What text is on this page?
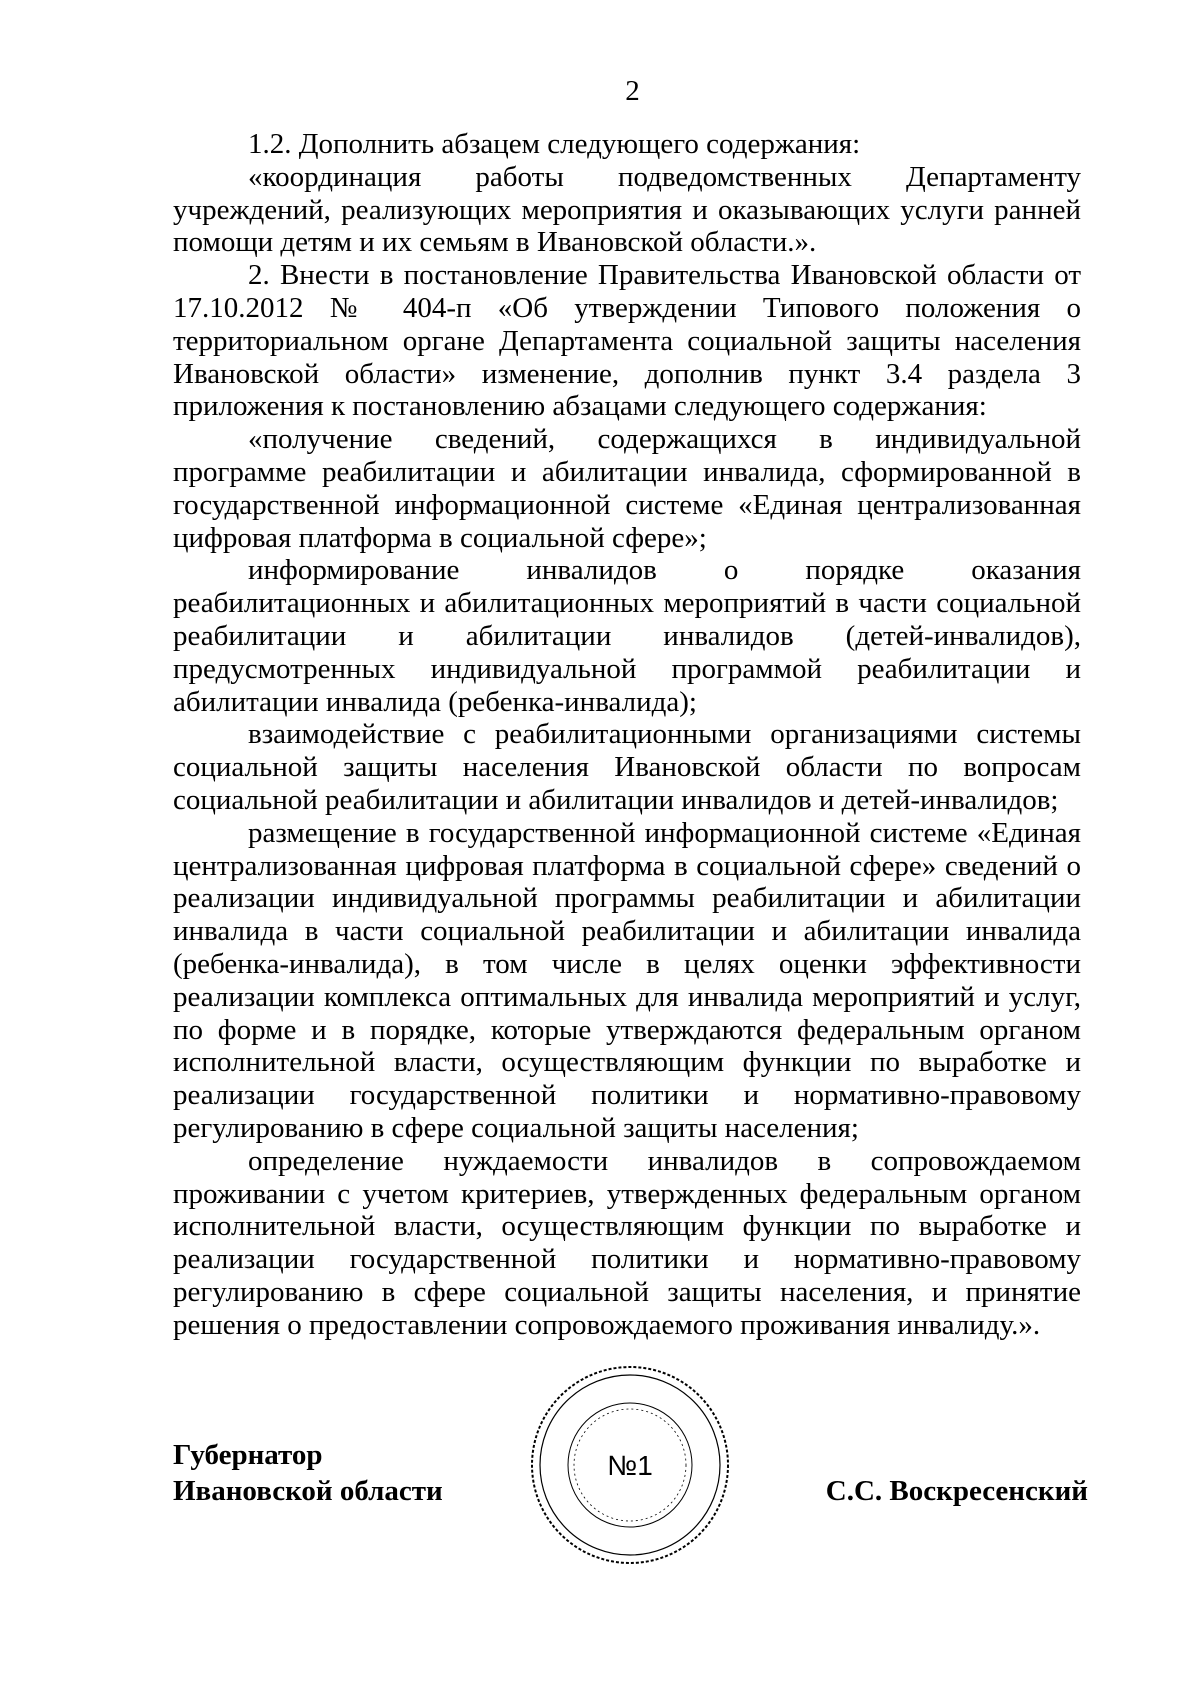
2

1.2. Дополнить абзацем следующего содержания:

«координация работы подведомственных Департаменту учреждений, реализующих мероприятия и оказывающих услуги ранней помощи детям и их семьям в Ивановской области.».

2. Внести в постановление Правительства Ивановской области от 17.10.2012 № 404-п «Об утверждении Типового положения о территориальном органе Департамента социальной защиты населения Ивановской области» изменение, дополнив пункт 3.4 раздела 3 приложения к постановлению абзацами следующего содержания:

«получение сведений, содержащихся в индивидуальной программе реабилитации и абилитации инвалида, сформированной в государственной информационной системе «Единая централизованная цифровая платформа в социальной сфере»;

информирование инвалидов о порядке оказания реабилитационных и абилитационных мероприятий в части социальной реабилитации и абилитации инвалидов (детей-инвалидов), предусмотренных индивидуальной программой реабилитации и абилитации инвалида (ребенка-инвалида);

взаимодействие с реабилитационными организациями системы социальной защиты населения Ивановской области по вопросам социальной реабилитации и абилитации инвалидов и детей-инвалидов;

размещение в государственной информационной системе «Единая централизованная цифровая платформа в социальной сфере» сведений о реализации индивидуальной программы реабилитации и абилитации инвалида в части социальной реабилитации и абилитации инвалида (ребенка-инвалида), в том числе в целях оценки эффективности реализации комплекса оптимальных для инвалида мероприятий и услуг, по форме и в порядке, которые утверждаются федеральным органом исполнительной власти, осуществляющим функции по выработке и реализации государственной политики и нормативно-правовому регулированию в сфере социальной защиты населения;

определение нуждаемости инвалидов в сопровождаемом проживании с учетом критериев, утвержденных федеральным органом исполнительной власти, осуществляющим функции по выработке и реализации государственной политики и нормативно-правовому регулированию в сфере социальной защиты населения, и принятие решения о предоставлении сопровождаемого проживания инвалиду.».

Губернатор
Ивановской области
№1
С.С. Воскресенский
